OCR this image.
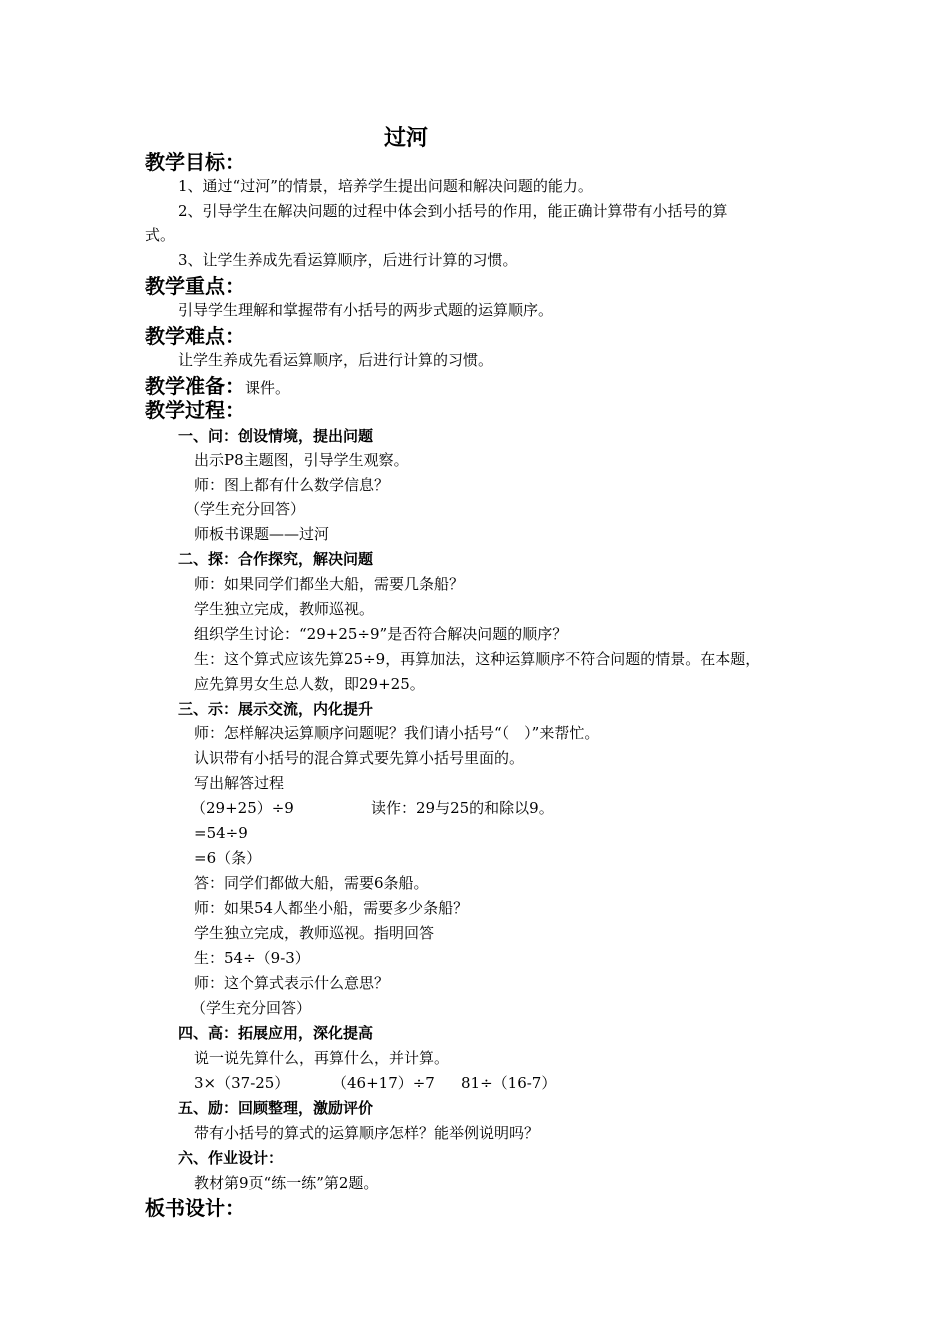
过河
教学目标：
1、通过“过河”的情景，培养学生提出问题和解决问题的能力。
2、引导学生在解决问题的过程中体会到小括号的作用，能正确计算带有小括号的算
式。
3、让学生养成先看运算顺序，后进行计算的习惯。
教学重点：
引导学生理解和掌握带有小括号的两步式题的运算顺序。
教学难点：
让学生养成先看运算顺序，后进行计算的习惯。
教学准备：课件。
教学过程：
一、问：创设情境，提出问题
出示P8主题图，引导学生观察。
师：图上都有什么数学信息？
（学生充分回答）
师板书课题——过河
二、探：合作探究，解决问题
师：如果同学们都坐大船，需要几条船？
学生独立完成，教师巡视。
组织学生讨论：“29+25÷9”是否符合解决问题的顺序？
生：这个算式应该先算25÷9，再算加法，这种运算顺序不符合问题的情景。在本题，
应先算男女生总人数，即29+25。
三、示：展示交流，内化提升
师：怎样解决运算顺序问题呢？我们请小括号“（　）”来帮忙。
认识带有小括号的混合算式要先算小括号里面的。
写出解答过程
（29+25）÷9	读作：29与25的和除以9。
=54÷9
=6（条）
答：同学们都做大船，需要6条船。
师：如果54人都坐小船，需要多少条船？
学生独立完成，教师巡视。指明回答
生：54÷（9-3）
师：这个算式表示什么意思？
（学生充分回答）
四、高：拓展应用，深化提高
说一说先算什么，再算什么，并计算。
3×（37-25）	（46+17）÷7 81÷（16-7）
五、励：回顾整理，激励评价
带有小括号的算式的运算顺序怎样？能举例说明吗？
六、作业设计：
教材第9页“练一练”第2题。
板书设计：
